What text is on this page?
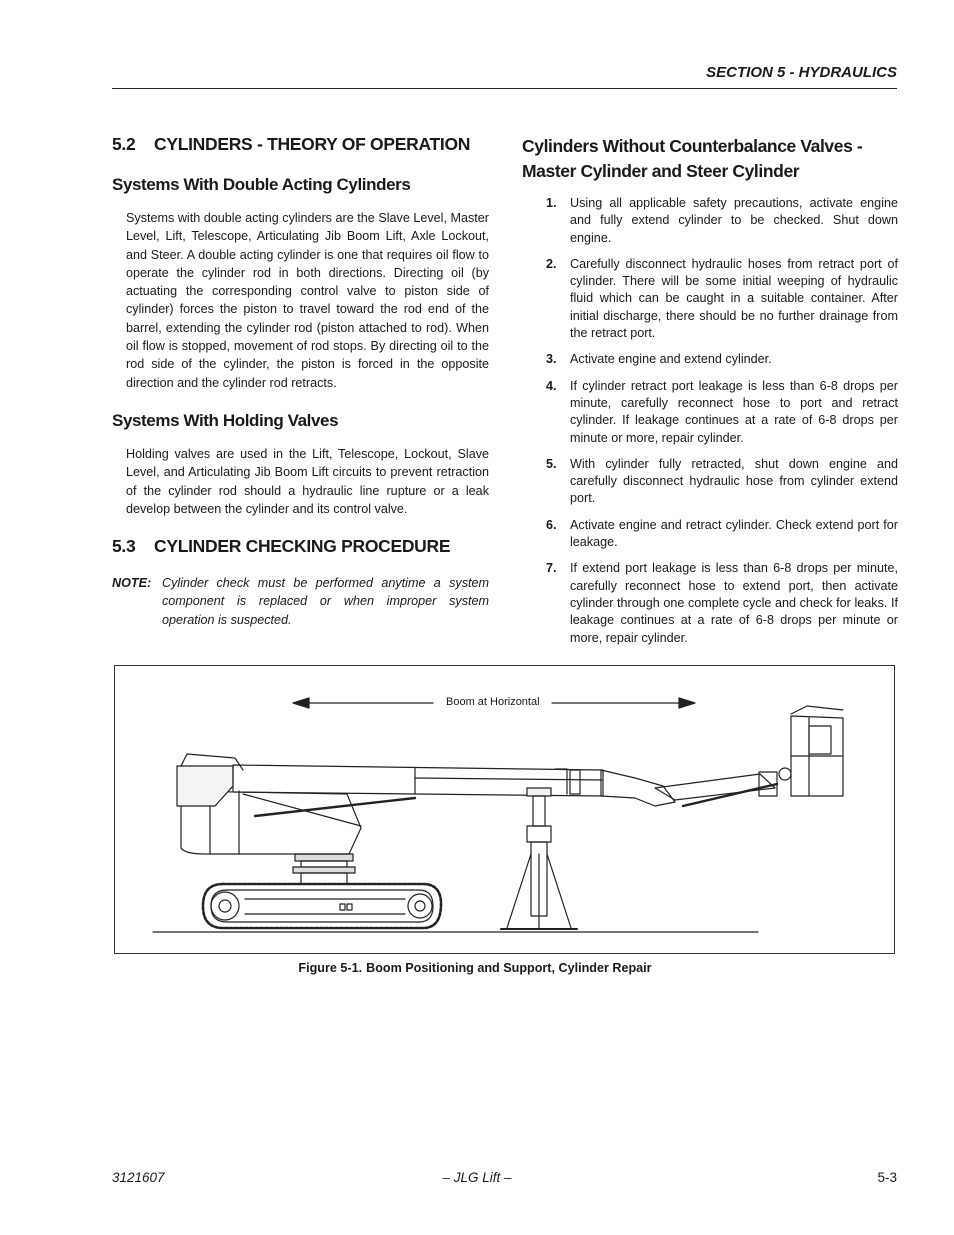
SECTION 5 - HYDRAULICS
5.2 CYLINDERS - THEORY OF OPERATION
Systems With Double Acting Cylinders

Systems with double acting cylinders are the Slave Level, Master Level, Lift, Telescope, Articulating Jib Boom Lift, Axle Lockout, and Steer. A double acting cylinder is one that requires oil flow to operate the cylinder rod in both directions. Directing oil (by actuating the corresponding control valve to piston side of cylinder) forces the piston to travel toward the rod end of the barrel, extending the cylinder rod (piston attached to rod). When oil flow is stopped, movement of rod stops. By directing oil to the rod side of the cylinder, the piston is forced in the opposite direction and the cylinder rod retracts.

Systems With Holding Valves

Holding valves are used in the Lift, Telescope, Lockout, Slave Level, and Articulating Jib Boom Lift circuits to prevent retraction of the cylinder rod should a hydraulic line rupture or a leak develop between the cylinder and its control valve.

5.3 CYLINDER CHECKING PROCEDURE
NOTE: Cylinder check must be performed anytime a system component is replaced or when improper system operation is suspected.
Cylinders Without Counterbalance Valves - Master Cylinder and Steer Cylinder
1.	Using all applicable safety precautions, activate engine and fully extend cylinder to be checked. Shut down engine.
2.	Carefully disconnect hydraulic hoses from retract port of cylinder. There will be some initial weeping of hydraulic fluid which can be caught in a suitable container. After initial discharge, there should be no further drainage from the retract port.
3.	Activate engine and extend cylinder.
4.	If cylinder retract port leakage is less than 6-8 drops per minute, carefully reconnect hose to port and retract cylinder. If leakage continues at a rate of 6-8 drops per minute or more, repair cylinder.
5.	With cylinder fully retracted, shut down engine and carefully disconnect hydraulic hose from cylinder extend port.
6.	Activate engine and retract cylinder. Check extend port for leakage.
7.	If extend port leakage is less than 6-8 drops per minute, carefully reconnect hose to extend port, then activate cylinder through one complete cycle and check for leaks. If leakage continues at a rate of 6-8 drops per minute or more, repair cylinder.
Boom at Horizontal
Figure 5-1. Boom Positioning and Support, Cylinder Repair
3121607	– JLG Lift –	5-3
